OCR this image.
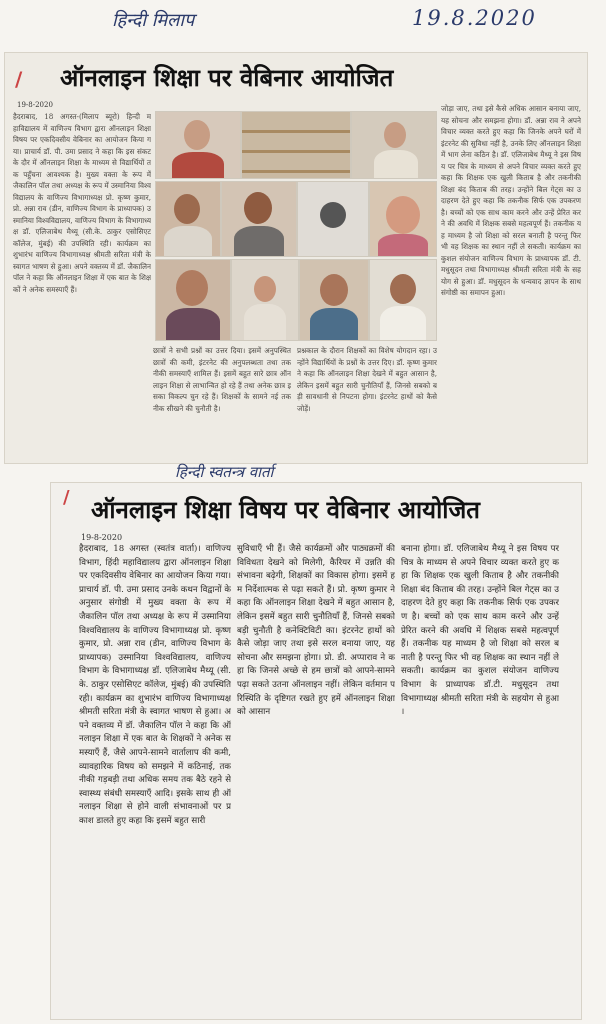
हिन्दी मिलाप	19.8.2020
/ ऑनलाइन शिक्षा पर वेबिनार आयोजित
19-8-2020
हैदराबाद, 18 अगस्त-(मिलाप ब्यूरो) हिन्दी महाविद्यालय में वाणिज्य विभाग द्वारा ऑनलाइन शिक्षा विषय पर एकदिवसीय वेबिनार का आयोजन किया गया। प्राचार्य डॉ. पी. उमा प्रसाद ने कहा कि इस संकट के दौर में ऑनलाइन शिक्षा के माध्यम से विद्यार्थियों तक पहुँचना आवश्यक है। मुख्य वक्ता के रूप में जैकालिन पॉल तथा अध्यक्ष के रूप में उस्मानिया विश्वविद्यालय के वाणिज्य विभागाध्यक्ष प्रो. कृष्ण कुमार, प्रो. अन्ना राव (डीन, वाणिज्य विभाग के प्राध्यापक) उस्मानिया विश्वविद्यालय, वाणिज्य विभाग के विभागाध्यक्ष डॉ. एलिजाबेथ मैथ्यू (सी.के. ठाकुर एसोसिएट कॉलेज, मुंबई) की उपस्थिति रही। कार्यक्रम का शुभारंभ वाणिज्य विभागाध्यक्ष श्रीमती सरिता मंत्री के स्वागत भाषण से हुआ। अपने वक्तव्य में डॉ. जैकालिन पॉल ने कहा कि ऑनलाइन शिक्षा में एक बात के शिक्षकों ने अनेक समस्याएँ हैं।
छात्रों ने सभी प्रश्नों का उत्तर दिया। इसमें अनुपस्थित छात्रों की कमी, इंटरनेट की अनुपलब्धता तथा तकनीकी समस्याएँ शामिल हैं। इसमें बहुत सारे छात्र ऑनलाइन शिक्षा से लाभान्वित हो रहे हैं तथा अनेक छात्र इसका विकल्प चुन रहे हैं। शिक्षकों के सामने नई तकनीक सीखने की चुनौती है।
प्रश्नकाल के दौरान शिक्षकों का विशेष योगदान रहा। उन्होंने विद्यार्थियों के प्रश्नों के उत्तर दिए। डॉ. कृष्ण कुमार ने कहा कि ऑनलाइन शिक्षा देखने में बहुत आसान है, लेकिन इसमें बहुत सारी चुनौतियाँ हैं, जिनसे सबको बड़ी सावधानी से निपटना होगा। इंटरनेट हाथों को कैसे जोड़ें।
जोड़ा जाए, तथा इसे कैसे अधिक आसान बनाया जाए, यह सोचना और समझना होगा। डॉ. अन्ना राव ने अपने विचार व्यक्त करते हुए कहा कि जिनके अपने घरों में इंटरनेट की सुविधा नहीं है, उनके लिए ऑनलाइन शिक्षा में भाग लेना कठिन है। डॉ. एलिजाबेथ मैथ्यू ने इस विषय पर चित्र के माध्यम से अपने विचार व्यक्त करते हुए कहा कि शिक्षक एक खुली किताब है और तकनीकी शिक्षा बंद किताब की तरह। उन्होंने बिल गेट्स का उदाहरण देते हुए कहा कि तकनीक सिर्फ एक उपकरण है। बच्चों को एक साथ काम करने और उन्हें प्रेरित करने की अवधि में शिक्षक सबसे महत्वपूर्ण हैं। तकनीक यह माध्यम है जो शिक्षा को सरल बनाती है परन्तु फिर भी वह शिक्षक का स्थान नहीं ले सकती। कार्यक्रम का कुशल संयोजन वाणिज्य विभाग के प्राध्यापक डॉ. टी. मधुसूदन तथा विभागाध्यक्ष श्रीमती सरिता मंत्री के सहयोग से हुआ। डॉ. मधुसूदन के धन्यवाद ज्ञापन के साथ संगोष्ठी का समापन हुआ।
हिन्दी स्वतन्त्र वार्ता
/ ऑनलाइन शिक्षा विषय पर वेबिनार आयोजित
19-8-2020
हैदराबाद, 18 अगस्त (स्वतंत्र वार्ता)। वाणिज्य विभाग, हिंदी महाविद्यालय द्वारा ऑनलाइन शिक्षा पर एकदिवसीय वेबिनार का आयोजन किया गया। प्राचार्य डॉ. पी. उमा प्रसाद उनके कथन विद्वानों के अनुसार संगोष्ठी में मुख्य वक्ता के रूप में जैकालिन पॉल तथा अध्यक्ष के रूप में उस्मानिया विश्वविद्यालय के वाणिज्य विभागाध्यक्ष प्रो. कृष्ण कुमार, प्रो. अन्ना राव (डीन, वाणिज्य विभाग के प्राध्यापक) उस्मानिया विश्वविद्यालय, वाणिज्य विभाग के विभागाध्यक्ष डॉ. एलिजाबेथ मैथ्यू (सी.के. ठाकुर एसोसिएट कॉलेज, मुंबई) की उपस्थिति रही। कार्यक्रम का शुभारंभ वाणिज्य विभागाध्यक्ष श्रीमती सरिता मंत्री के स्वागत भाषण से हुआ। अपने वक्तव्य में डॉ. जैकालिन पॉल ने कहा कि ऑनलाइन शिक्षा में एक बात के शिक्षकों ने अनेक समस्याएँ हैं, जैसे आपने-सामने वार्तालाप की कमी, व्यावहारिक विषय को समझने में कठिनाई, तकनीकी गड़बड़ी तथा अधिक समय तक बैठे रहने से स्वास्थ्य संबंधी समस्याएँ आदि। इसके साथ ही ऑनलाइन शिक्षा से होने वाली संभावनाओं पर प्रकाश डालते हुए कहा कि इसमें बहुत सारी
सुविधाएँ भी हैं। जैसे कार्यक्रमों और पाठ्यक्रमों की विविधता देखने को मिलेगी, कैरियर में उन्नति की संभावना बढ़ेगी, शिक्षकों का विकास होगा। इसमें हम निर्देशात्मक से पढ़ा सकते हैं। प्रो. कृष्ण कुमार ने कहा कि ऑनलाइन शिक्षा देखने में बहुत आसान है, लेकिन इसमें बहुत सारी चुनौतियाँ हैं, जिनसे सबको बड़ी चुनौती है कनेक्टिविटी का। इंटरनेट हाथों को कैसे जोड़ा जाए तथा इसे सरल बनाया जाए, यह सोचना और समझना होगा। प्रो. डी. अप्पाराव ने कहा कि जिनसे अच्छे से हम छात्रों को आपने-सामने पढ़ा सकते उतना ऑनलाइन नहीं। लेकिन वर्तमान परिस्थिति के दृष्टिगत रखते हुए हमें ऑनलाइन शिक्षा को आसान
बनाना होगा। डॉ. एलिजाबेथ मैथ्यू ने इस विषय पर चित्र के माध्यम से अपने विचार व्यक्त करते हुए कहा कि शिक्षक एक खुली किताब है और तकनीकी शिक्षा बंद किताब की तरह। उन्होंने बिल गेट्स का उदाहरण देते हुए कहा कि तकनीक सिर्फ एक उपकरण है। बच्चों को एक साथ काम करने और उन्हें प्रेरित करने की अवधि में शिक्षक सबसे महत्वपूर्ण हैं। तकनीक यह माध्यम है जो शिक्षा को सरल बनाती है परन्तु फिर भी वह शिक्षक का स्थान नहीं ले सकती। कार्यक्रम का कुशल संयोजन वाणिज्य विभाग के प्राध्यापक डॉ.टी. मधुसूदन तथा विभागाध्यक्ष श्रीमती सरिता मंत्री के सहयोग से हुआ।
